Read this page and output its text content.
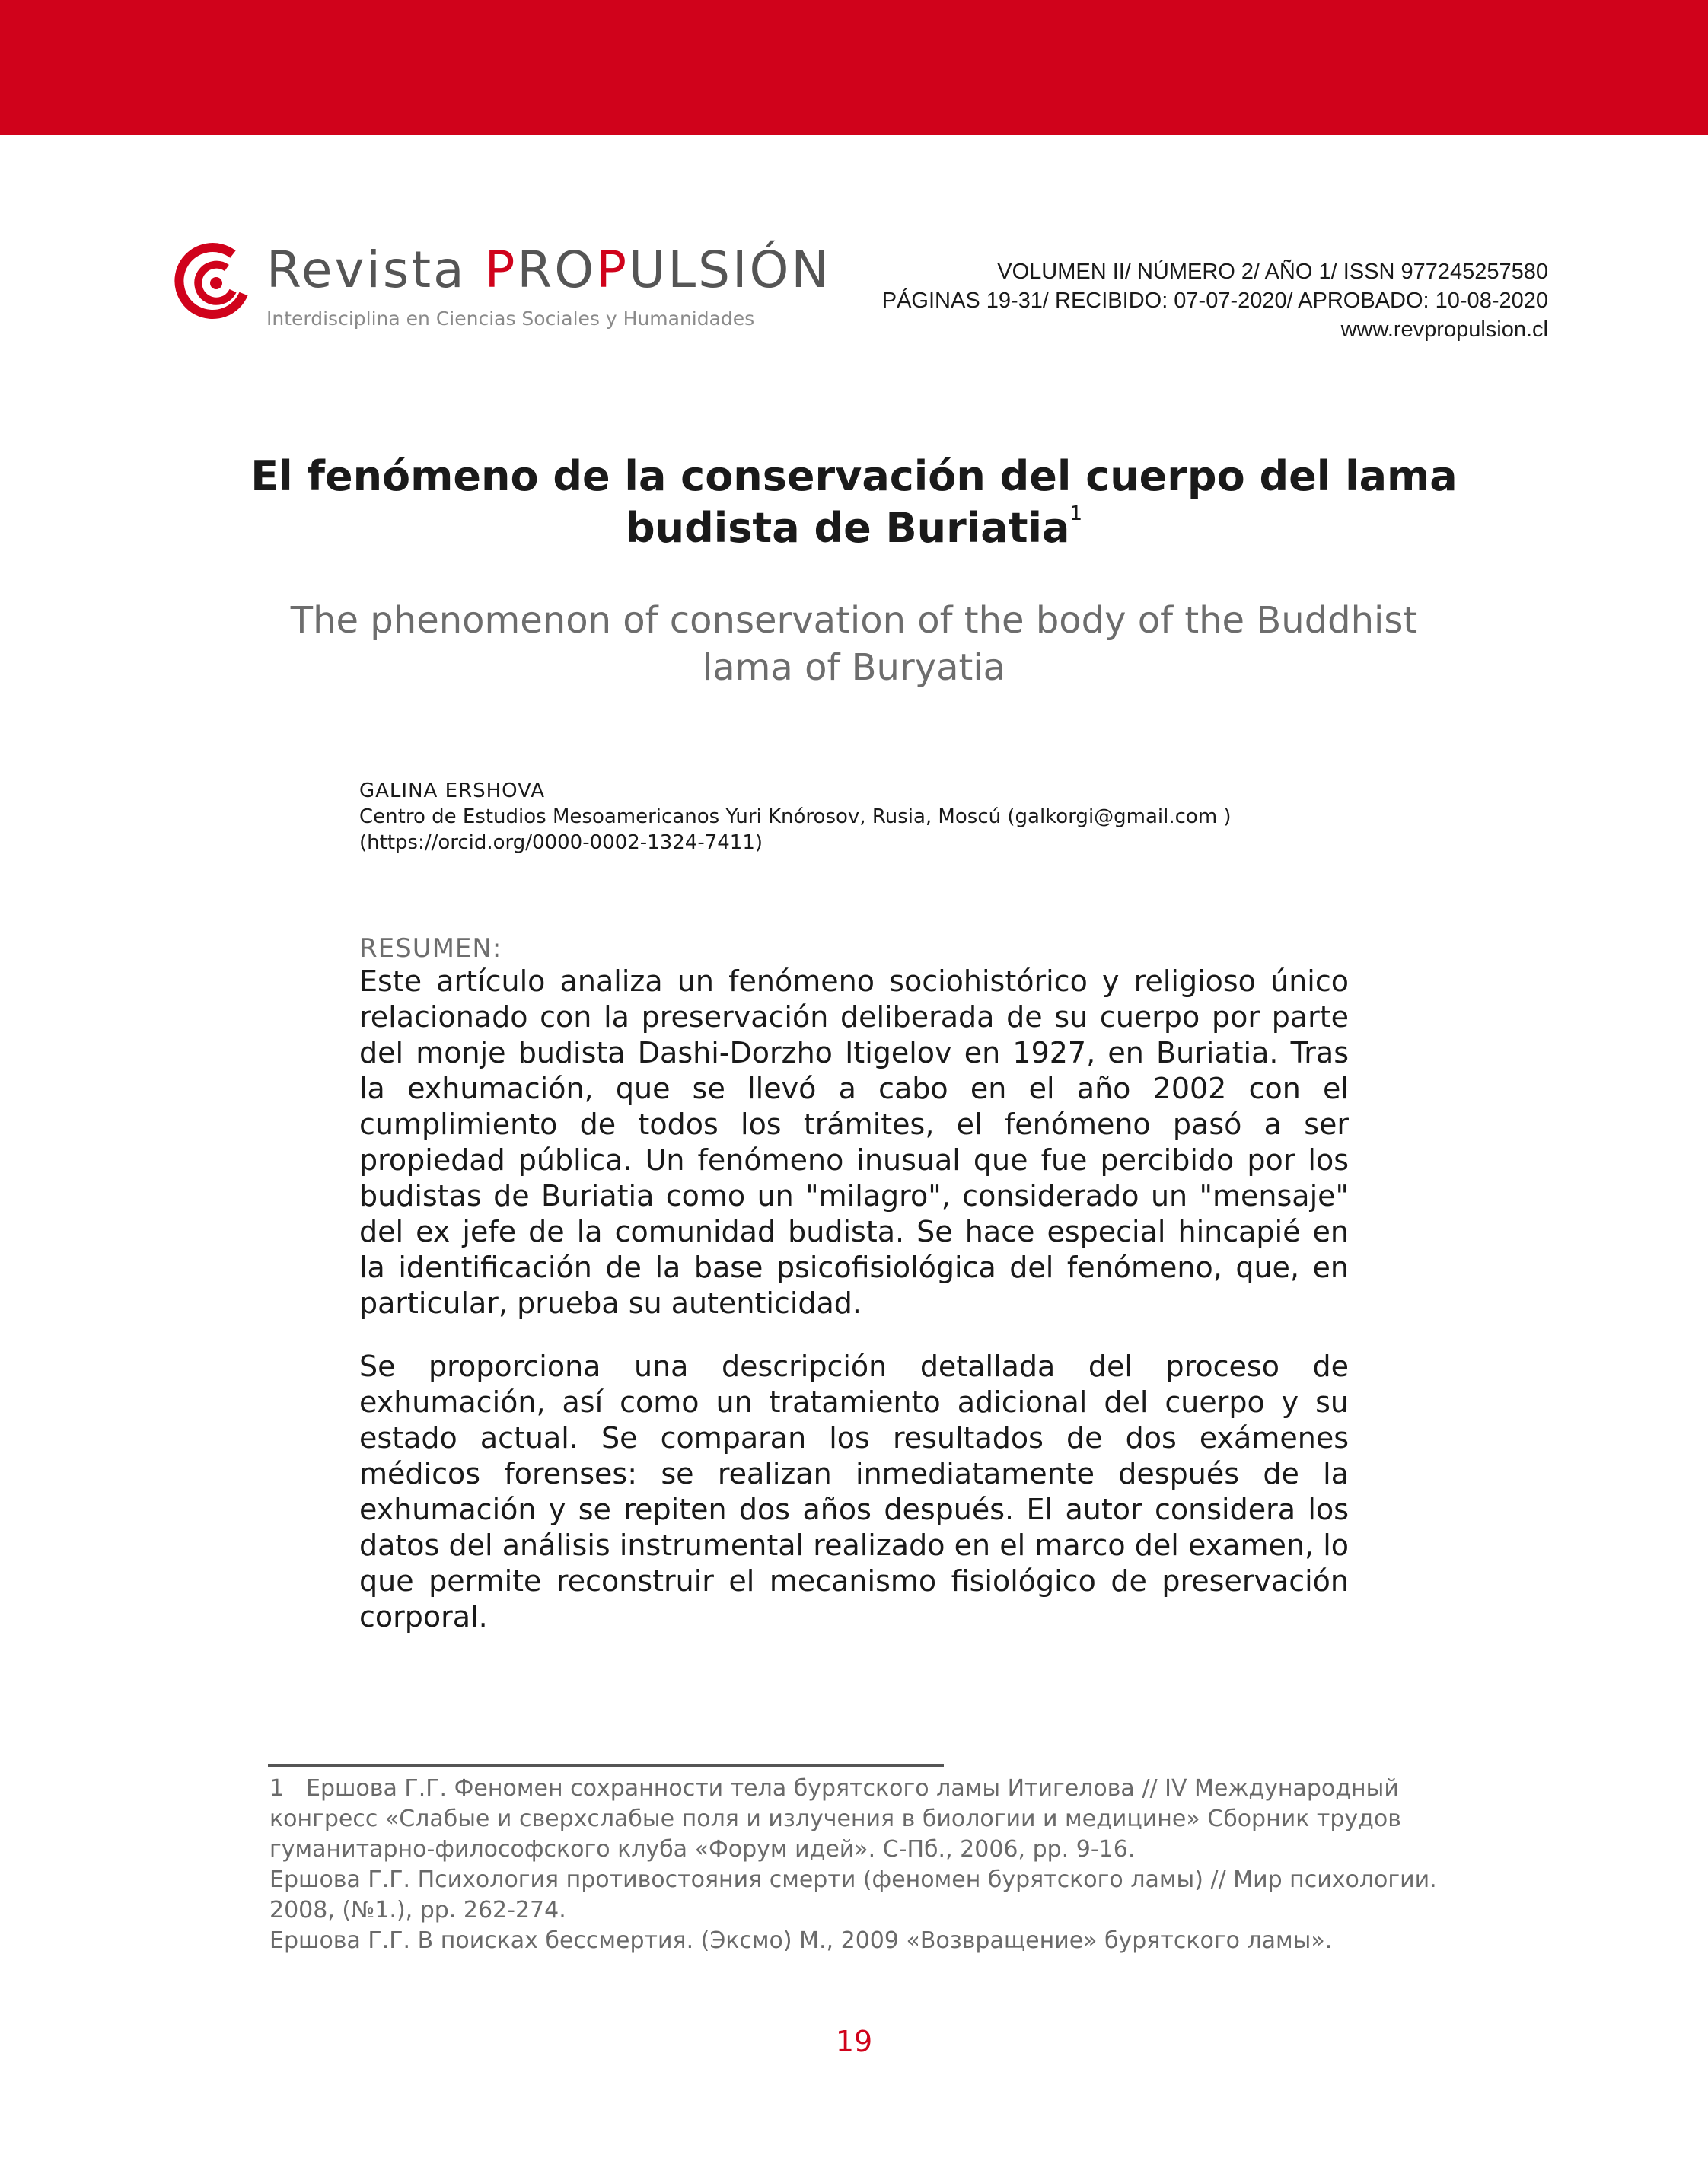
Revista PROPULSIÓN
Interdisciplina en Ciencias Sociales y Humanidades
VOLUMEN II/ NÚMERO 2/ AÑO 1/ ISSN 977245257580
PÁGINAS 19-31/ RECIBIDO: 07-07-2020/ APROBADO: 10-08-2020
www.revpropulsion.cl
El fenómeno de la conservación del cuerpo del lama
budista de Buriatia$^1$
The phenomenon of conservation of the body of the Buddhist
lama of Buryatia
GALINA ERSHOVA
Centro de Estudios Mesoamericanos Yuri Knórosov, Rusia, Moscú (galkorgi@gmail.com )
(https://orcid.org/0000-0002-1324-7411)
RESUMEN:

Este artículo analiza un fenómeno sociohistórico y religioso único relacionado con la preservación deliberada de su cuerpo por parte del monje budista Dashi-Dorzho Itigelov en 1927, en Buriatia. Tras la exhumación, que se llevó a cabo en el año 2002 con el cumplimiento de todos los trámites, el fenómeno pasó a ser propiedad pública. Un fenómeno inusual que fue percibido por los budistas de Buriatia como un "milagro", considerado un "mensaje" del ex jefe de la comunidad budista. Se hace especial hincapié en la identificación de la base psicofisiológica del fenómeno, que, en particular, prueba su autenticidad.

Se proporciona una descripción detallada del proceso de exhumación, así como un tratamiento adicional del cuerpo y su estado actual. Se comparan los resultados de dos exámenes médicos forenses: se realizan inmediatamente después de la exhumación y se repiten dos años después. El autor considera los datos del análisis instrumental realizado en el marco del examen, lo que permite reconstruir el mecanismo fisiológico de preservación corporal.

1 Ершова Г.Г. Феномен сохранности тела бурятского ламы Итигелова // IV Международный конгресс «Слабые и сверхслабые поля и излучения в биологии и медицине» Сборник трудов гуманитарно-философского клуба «Форум идей». С-Пб., 2006, pp. 9-16.
Ершова Г.Г. Психология противостояния смерти (феномен бурятского ламы) // Мир психологии. 2008, (№1.), pp. 262-274.
Ершова Г.Г. В поисках бессмертия. (Эксмо) М., 2009 «Возвращение» бурятского ламы».
19
